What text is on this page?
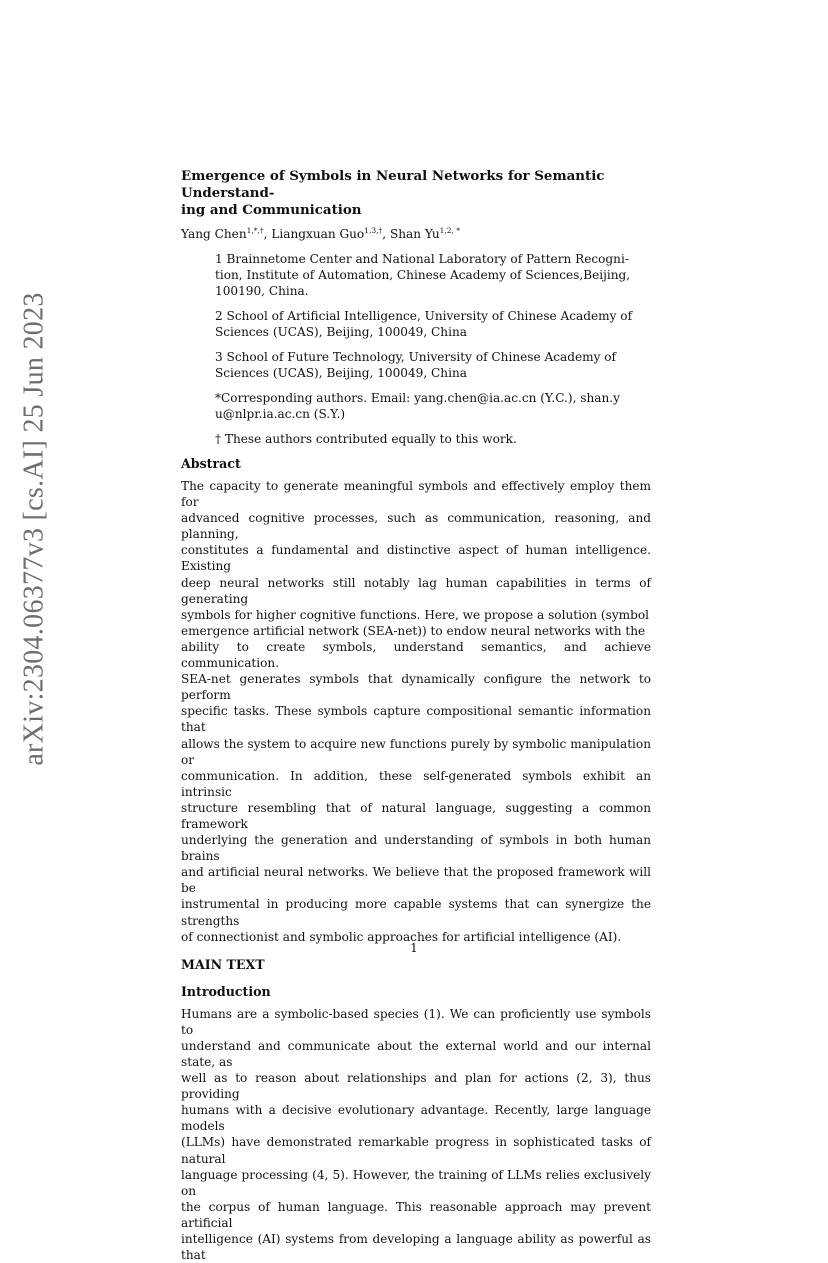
arXiv:2304.06377v3 [cs.AI] 25 Jun 2023
Emergence of Symbols in Neural Networks for Semantic Understand-
ing and Communication
Yang Chen$^{1,*,\dagger}$, Liangxuan Guo$^{1,3,\dagger}$, Shan $Yu^{1,2, *}$

1 Brainnetome Center and National Laboratory of Pattern Recogni-

tion, Institute of Automation, Chinese Academy of Sciences,Beijing,

100190, China.

2 School of Artificial Intelligence, University of Chinese Academy of

Sciences (UCAS), Beijing, 100049, China

3 School of Future Technology, University of Chinese Academy of

Sciences (UCAS), Beijing, 100049, China

*Corresponding authors. Email: yang.chen@ia.ac.cn (Y.C.), shan.y

u@nlpr.ia.ac.cn (S.Y.)

† These authors contributed equally to this work.

Abstract
The capacity to generate meaningful symbols and effectively employ them for
advanced cognitive processes, such as communication, reasoning, and planning,
constitutes a fundamental and distinctive aspect of human intelligence. Existing
deep neural networks still notably lag human capabilities in terms of generating
symbols for higher cognitive functions. Here, we propose a solution (symbol
emergence artificial network (SEA-net)) to endow neural networks with the
ability to create symbols, understand semantics, and achieve communication.
SEA-net generates symbols that dynamically configure the network to perform
specific tasks. These symbols capture compositional semantic information that
allows the system to acquire new functions purely by symbolic manipulation or
communication. In addition, these self-generated symbols exhibit an intrinsic
structure resembling that of natural language, suggesting a common framework
underlying the generation and understanding of symbols in both human brains
and artificial neural networks. We believe that the proposed framework will be
instrumental in producing more capable systems that can synergize the strengths
of connectionist and symbolic approaches for artificial intelligence (AI).
MAIN TEXT
Introduction
Humans are a symbolic-based species (1). We can proficiently use symbols to
understand and communicate about the external world and our internal state, as
well as to reason about relationships and plan for actions (2, 3), thus providing
humans with a decisive evolutionary advantage. Recently, large language models
(LLMs) have demonstrated remarkable progress in sophisticated tasks of natural
language processing (4, 5). However, the training of LLMs relies exclusively on
the corpus of human language. This reasonable approach may prevent artificial
intelligence (AI) systems from developing a language ability as powerful as that
1
